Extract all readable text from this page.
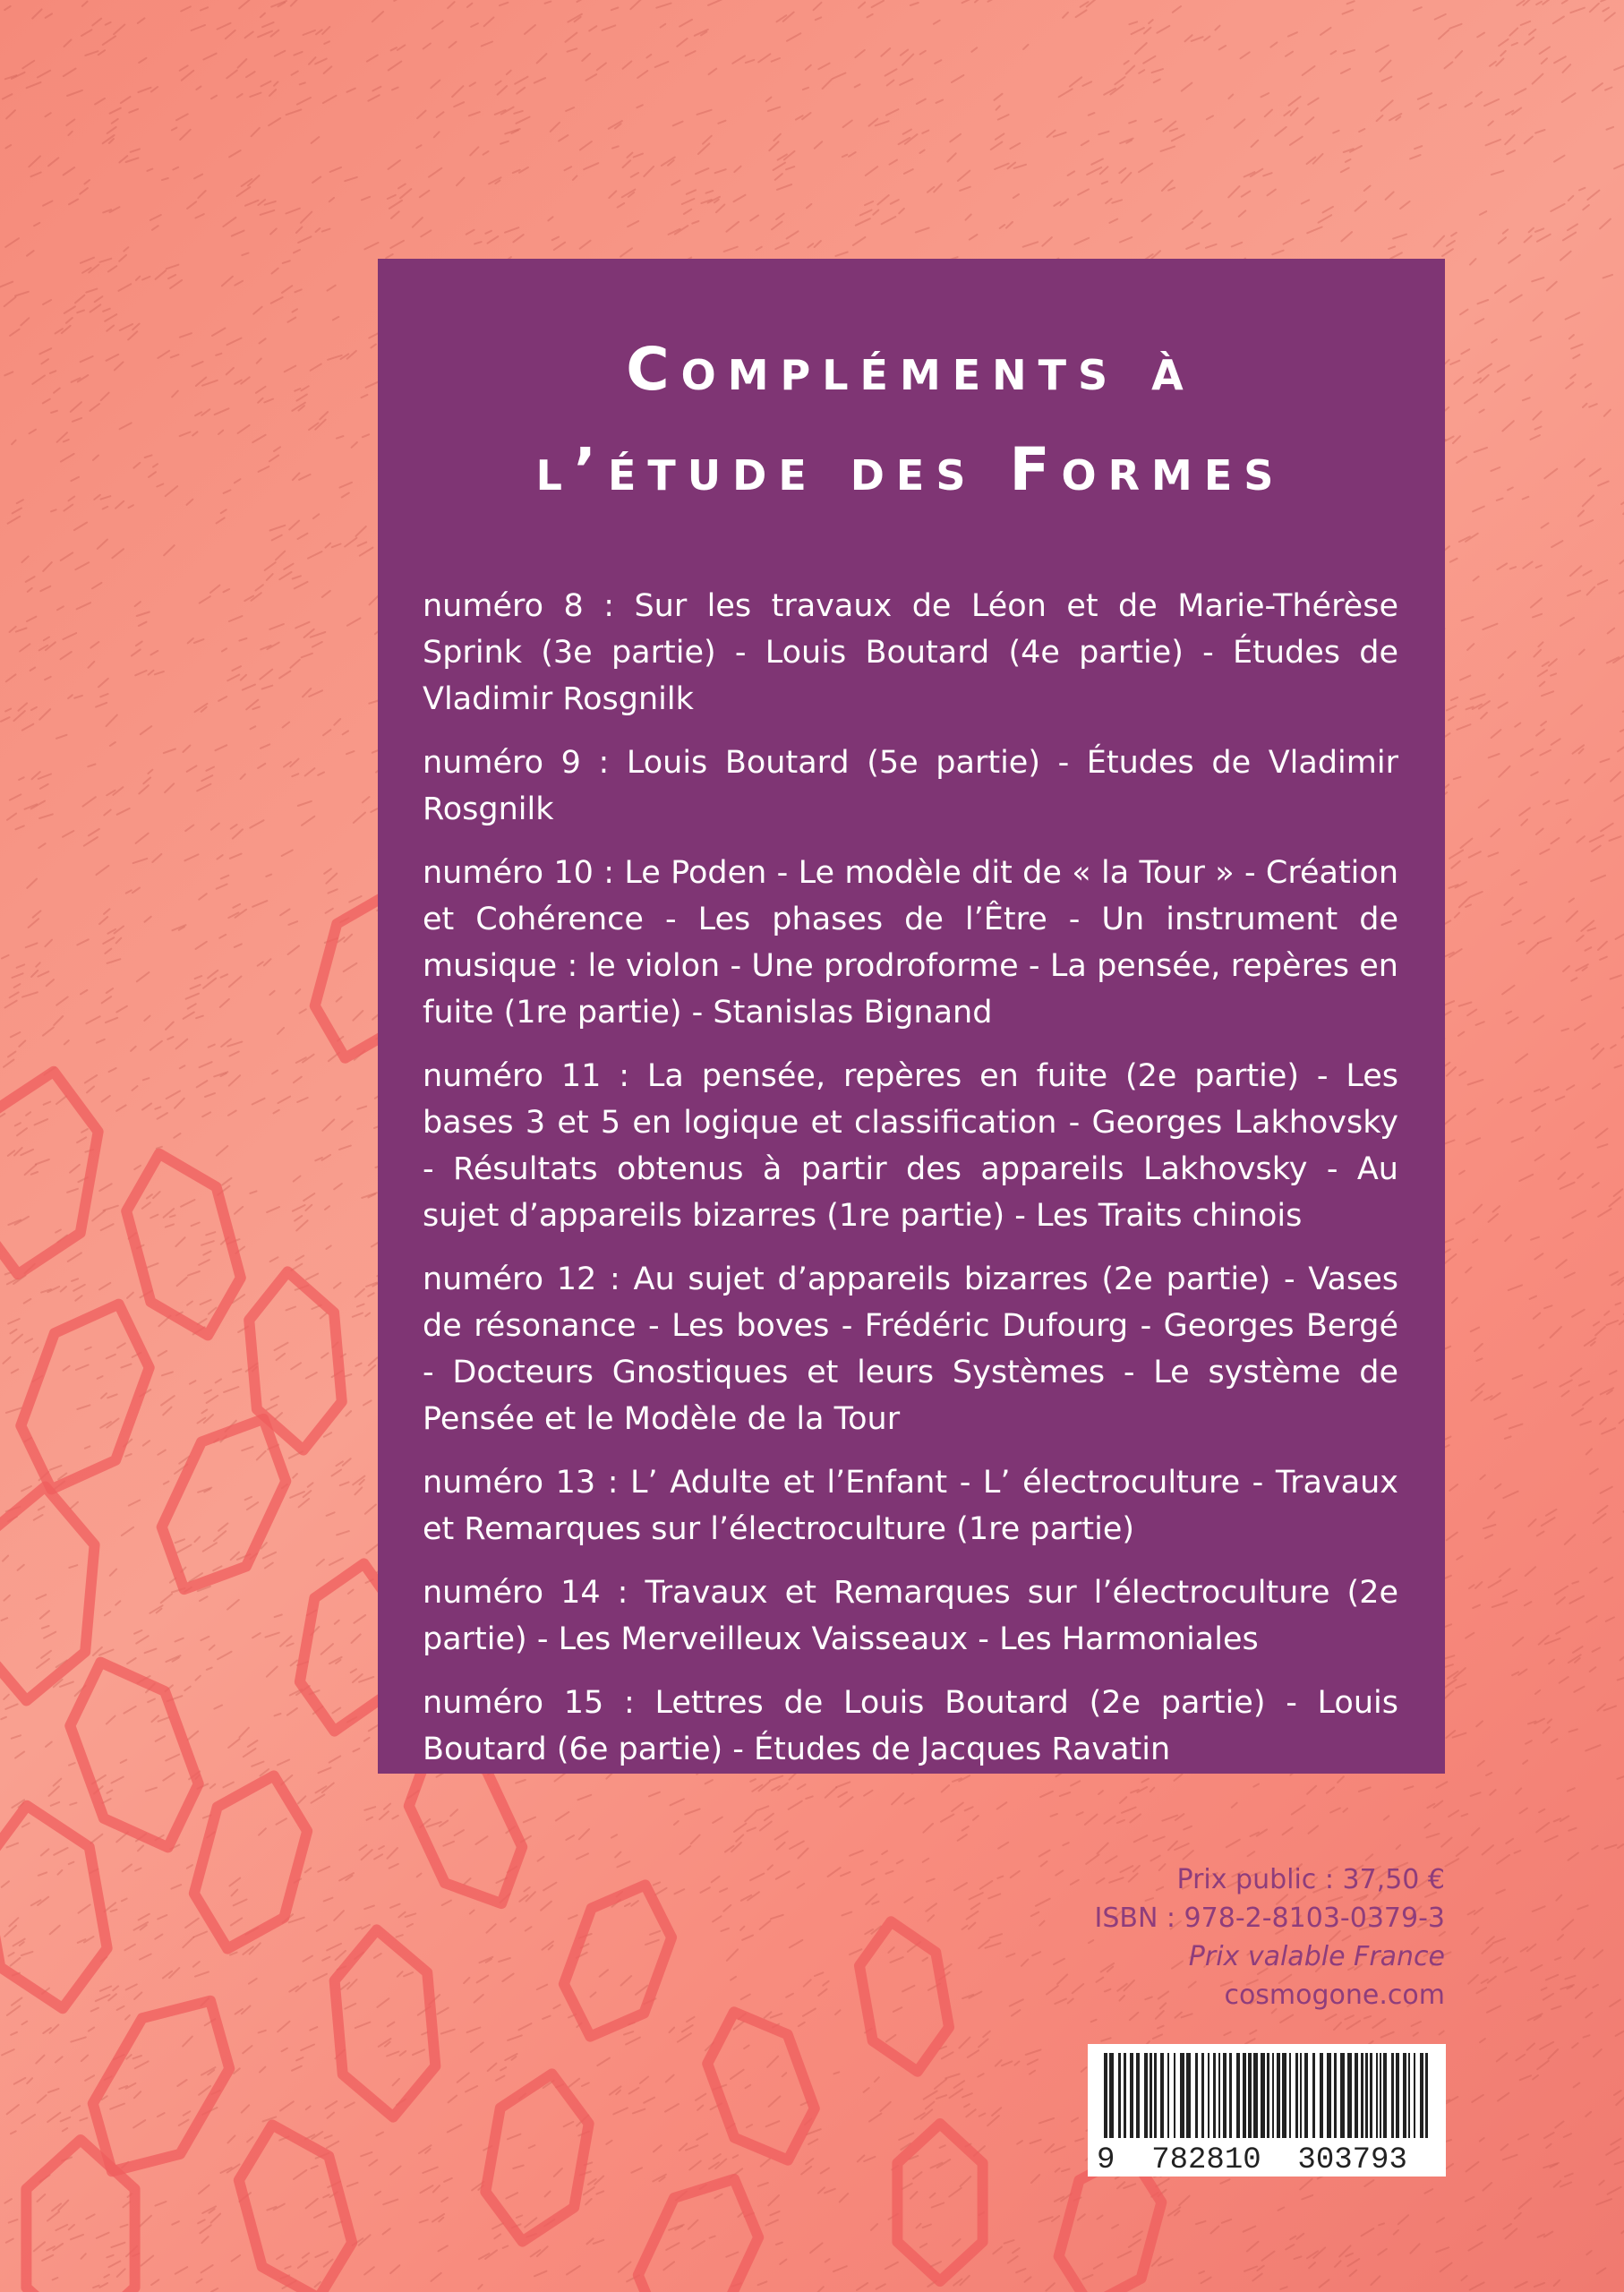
Compléments à
l’étude des Formes

numéro 8 : Sur les travaux de Léon et de Marie-Thérèse Sprink (3e partie) - Louis Boutard (4e partie) - Études de Vladimir Rosgnilk

numéro 9 : Louis Boutard (5e partie) - Études de Vladimir Rosgnilk

numéro 10 : Le Poden - Le modèle dit de « la Tour » - Création et Cohérence - Les phases de l’Être - Un instrument de musique : le violon - Une prodroforme - La pensée, repères en fuite (1re partie) - Stanislas Bignand

numéro 11 : La pensée, repères en fuite (2e partie) - Les bases 3 et 5 en logique et classification - Georges Lakhovsky - Résultats obtenus à partir des appareils Lakhovsky - Au sujet d’appareils bizarres (1re partie) - Les Traits chinois

numéro 12 : Au sujet d’appareils bizarres (2e partie) - Vases de résonance - Les boves - Frédéric Dufourg - Georges Bergé - Docteurs Gnostiques et leurs Systèmes - Le système de Pensée et le Modèle de la Tour

numéro 13 : L’ Adulte et l’Enfant - L’ électroculture - Travaux et Remarques sur l’électroculture (1re partie)

numéro 14 : Travaux et Remarques sur l’électroculture (2e partie) - Les Merveilleux Vaisseaux - Les Harmoniales

numéro 15 : Lettres de Louis Boutard (2e partie) - Louis Boutard (6e partie) - Études de Jacques Ravatin

Prix public : 37,50 €
ISBN : 978-2-8103-0379-3
Prix valable France
cosmogone.com
9  782810  303793
